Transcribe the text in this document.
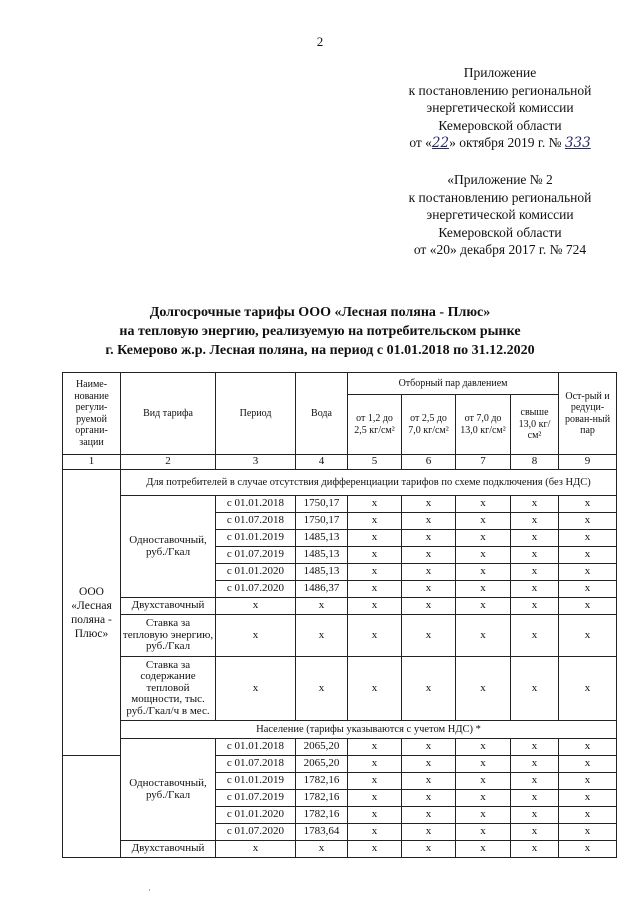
2
Приложение
к постановлению региональной
энергетической комиссии
Кемеровской области
от «22» октября 2019 г. № 333
«Приложение № 2
к постановлению региональной
энергетической комиссии
Кемеровской области
от «20» декабря 2017 г. № 724
Долгосрочные тарифы ООО «Лесная поляна - Плюс»
на тепловую энергию, реализуемую на потребительском рынке
г. Кемерово ж.р. Лесная поляна, на период с 01.01.2018 по 31.12.2020
Наиме-нование регули-руемой органи-зации	Вид тарифа	Период	Вода	Отборный пар давлением				Ост-рый и редуци-рован-ный пар
				от 1,2 до 2,5 кг/см²	от 2,5 до 7,0 кг/см²	от 7,0 до 13,0 кг/см²	свыше 13,0 кг/см²	
1	2	3	4	5	6	7	8	9
ООО «Лесная поляна - Плюс»	Для потребителей в случае отсутствия дифференциации тарифов по схеме подключения (без НДС)							
	Одноставочный, руб./Гкал	с 01.01.2018	1750,17	x	x	x	x	x
		с 01.07.2018	1750,17	x	x	x	x	x
		с 01.01.2019	1485,13	x	x	x	x	x
		с 01.07.2019	1485,13	x	x	x	x	x
		с 01.01.2020	1485,13	x	x	x	x	x
		с 01.07.2020	1486,37	x	x	x	x	x
	Двухставочный	x	x	x	x	x	x	x
	Ставка за тепловую энергию, руб./Гкал	x	x	x	x	x	x	x
	Ставка за содержание тепловой мощности, тыс. руб./Гкал/ч в мес.	x	x	x	x	x	x	x
	Население (тарифы указываются с учетом НДС) *							
	Одноставочный, руб./Гкал	с 01.01.2018	2065,20	x	x	x	x	x
		с 01.07.2018	2065,20	x	x	x	x	x
		с 01.01.2019	1782,16	x	x	x	x	x
		с 01.07.2019	1782,16	x	x	x	x	x
		с 01.01.2020	1782,16	x	x	x	x	x
		с 01.07.2020	1783,64	x	x	x	x	x
	Двухставочный	x	x	x	x	x	x	x
·
